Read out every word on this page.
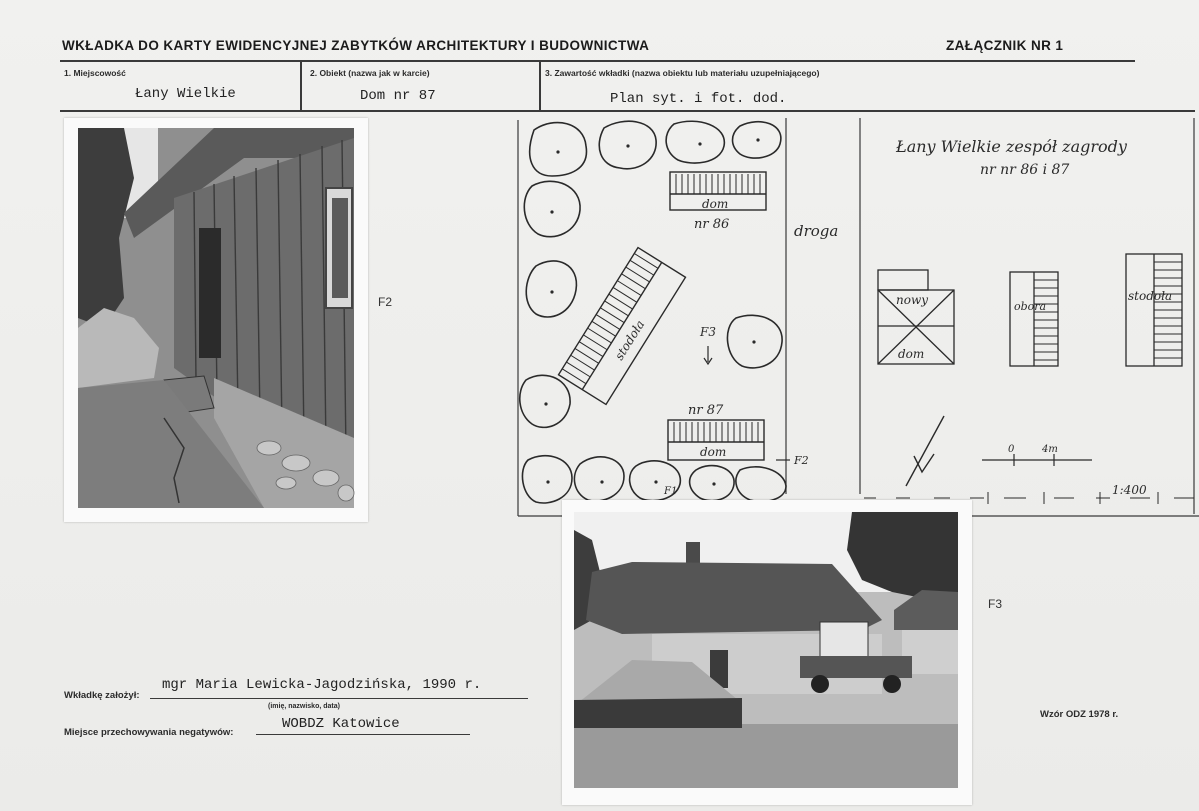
WKŁADKA DO KARTY EWIDENCYJNEJ ZABYTKÓW ARCHITEKTURY I BUDOWNICTWA	ZAŁĄCZNIK NR 1
1. Miejscowość
Łany Wielkie
2. Obiekt (nazwa jak w karcie)
Dom nr 87
3. Zawartość wkładki (nazwa obiektu lub materiału uzupełniającego)
Plan syt. i fot. dod.
F2
dom
nr 86
stodoła
nr 87
dom
F3
F2
F1
droga
Łany Wielkie zespół zagrody
nr nr 86 i 87
nowy
dom
obora
stodoła
0	4m
1:400
F3
Wkładkę założył:
mgr Maria Lewicka-Jagodzińska, 1990 r.
(imię, nazwisko, data)
Miejsce przechowywania negatywów:
WOBDZ Katowice
Wzór ODZ 1978 r.
